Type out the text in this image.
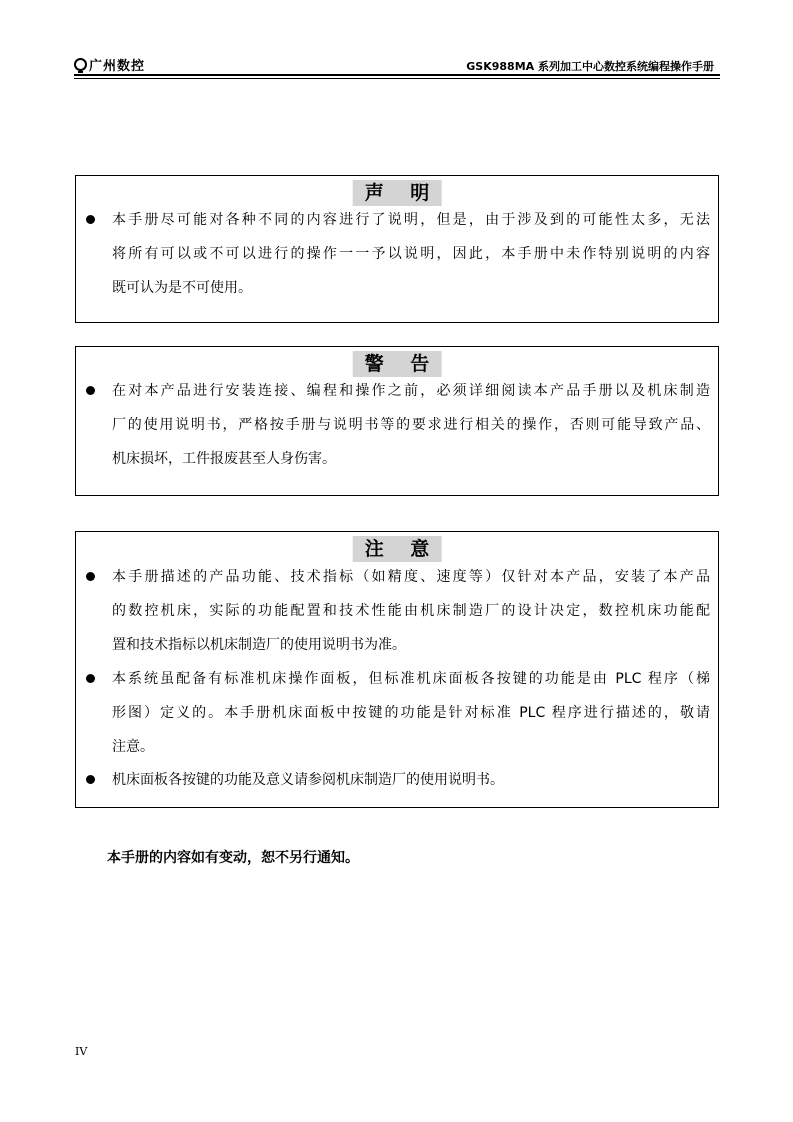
广州数控	GSK988MA 系列加工中心数控系统编程操作手册
声 明
本手册尽可能对各种不同的内容进行了说明，但是，由于涉及到的可能性太多，无法
将所有可以或不可以进行的操作一一予以说明，因此，本手册中未作特别说明的内容
既可认为是不可使用。
警 告
在对本产品进行安装连接、编程和操作之前，必须详细阅读本产品手册以及机床制造
厂的使用说明书，严格按手册与说明书等的要求进行相关的操作，否则可能导致产品、
机床损坏，工件报废甚至人身伤害。
注 意
本手册描述的产品功能、技术指标（如精度、速度等）仅针对本产品，安装了本产品
的数控机床，实际的功能配置和技术性能由机床制造厂的设计决定，数控机床功能配
置和技术指标以机床制造厂的使用说明书为准。
本系统虽配备有标准机床操作面板，但标准机床面板各按键的功能是由 PLC 程序（梯
形图）定义的。本手册机床面板中按键的功能是针对标准 PLC 程序进行描述的，敬请
注意。
机床面板各按键的功能及意义请参阅机床制造厂的使用说明书。
本手册的内容如有变动，恕不另行通知。
IV
